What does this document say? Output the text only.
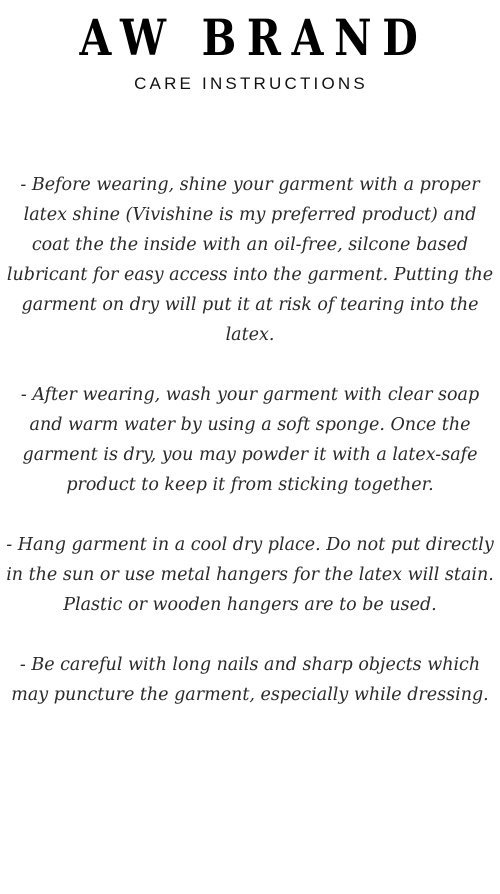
AW BRAND
CARE INSTRUCTIONS

- Before wearing, shine your garment with a proper latex shine (Vivishine is my preferred product) and coat the the inside with an oil-free, silcone based lubricant for easy access into the garment. Putting the garment on dry will put it at risk of tearing into the latex.

- After wearing, wash your garment with clear soap and warm water by using a soft sponge. Once the garment is dry, you may powder it with a latex-safe product to keep it from sticking together.

- Hang garment in a cool dry place. Do not put directly in the sun or use metal hangers for the latex will stain. Plastic or wooden hangers are to be used.

- Be careful with long nails and sharp objects which may puncture the garment, especially while dressing.
